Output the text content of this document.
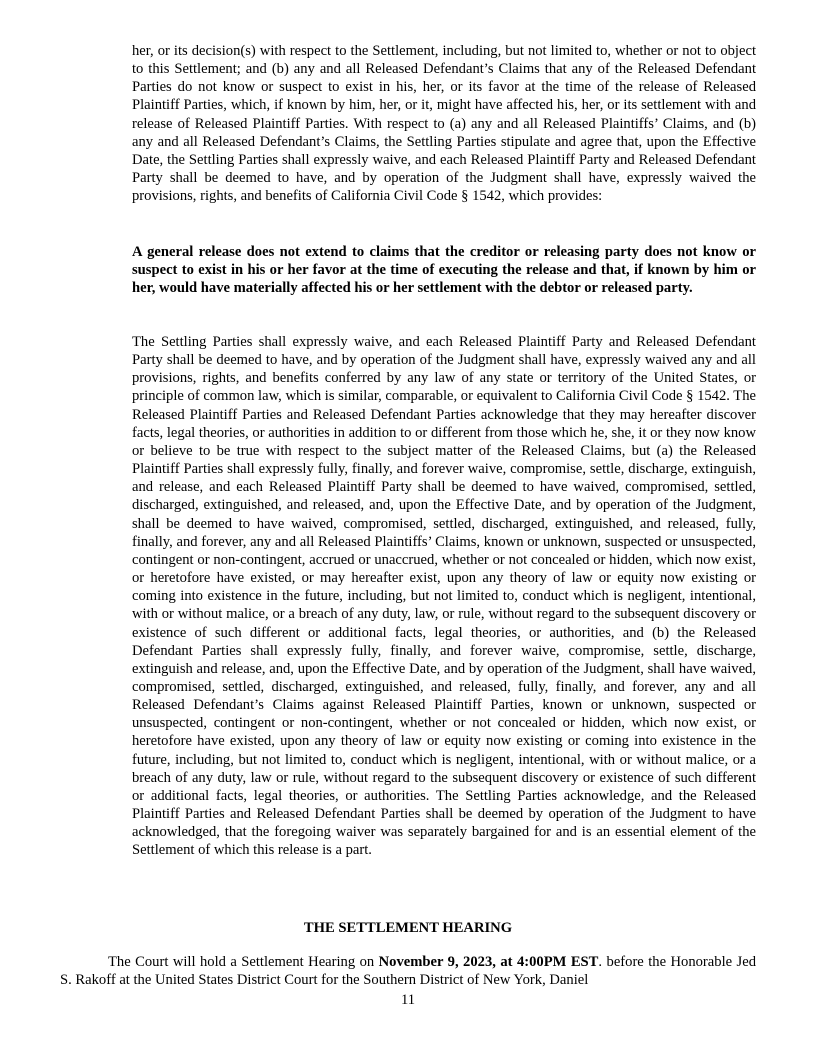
her, or its decision(s) with respect to the Settlement, including, but not limited to, whether or not to object to this Settlement; and (b) any and all Released Defendant’s Claims that any of the Released Defendant Parties do not know or suspect to exist in his, her, or its favor at the time of the release of Released Plaintiff Parties, which, if known by him, her, or it, might have affected his, her, or its settlement with and release of Released Plaintiff Parties. With respect to (a) any and all Released Plaintiffs’ Claims, and (b) any and all Released Defendant’s Claims, the Settling Parties stipulate and agree that, upon the Effective Date, the Settling Parties shall expressly waive, and each Released Plaintiff Party and Released Defendant Party shall be deemed to have, and by operation of the Judgment shall have, expressly waived the provisions, rights, and benefits of California Civil Code § 1542, which provides:
A general release does not extend to claims that the creditor or releasing party does not know or suspect to exist in his or her favor at the time of executing the release and that, if known by him or her, would have materially affected his or her settlement with the debtor or released party.
The Settling Parties shall expressly waive, and each Released Plaintiff Party and Released Defendant Party shall be deemed to have, and by operation of the Judgment shall have, expressly waived any and all provisions, rights, and benefits conferred by any law of any state or territory of the United States, or principle of common law, which is similar, comparable, or equivalent to California Civil Code § 1542. The Released Plaintiff Parties and Released Defendant Parties acknowledge that they may hereafter discover facts, legal theories, or authorities in addition to or different from those which he, she, it or they now know or believe to be true with respect to the subject matter of the Released Claims, but (a) the Released Plaintiff Parties shall expressly fully, finally, and forever waive, compromise, settle, discharge, extinguish, and release, and each Released Plaintiff Party shall be deemed to have waived, compromised, settled, discharged, extinguished, and released, and, upon the Effective Date, and by operation of the Judgment, shall be deemed to have waived, compromised, settled, discharged, extinguished, and released, fully, finally, and forever, any and all Released Plaintiffs’ Claims, known or unknown, suspected or unsuspected, contingent or non-contingent, accrued or unaccrued, whether or not concealed or hidden, which now exist, or heretofore have existed, or may hereafter exist, upon any theory of law or equity now existing or coming into existence in the future, including, but not limited to, conduct which is negligent, intentional, with or without malice, or a breach of any duty, law, or rule, without regard to the subsequent discovery or existence of such different or additional facts, legal theories, or authorities, and (b) the Released Defendant Parties shall expressly fully, finally, and forever waive, compromise, settle, discharge, extinguish and release, and, upon the Effective Date, and by operation of the Judgment, shall have waived, compromised, settled, discharged, extinguished, and released, fully, finally, and forever, any and all Released Defendant’s Claims against Released Plaintiff Parties, known or unknown, suspected or unsuspected, contingent or non-contingent, whether or not concealed or hidden, which now exist, or heretofore have existed, upon any theory of law or equity now existing or coming into existence in the future, including, but not limited to, conduct which is negligent, intentional, with or without malice, or a breach of any duty, law or rule, without regard to the subsequent discovery or existence of such different or additional facts, legal theories, or authorities. The Settling Parties acknowledge, and the Released Plaintiff Parties and Released Defendant Parties shall be deemed by operation of the Judgment to have acknowledged, that the foregoing waiver was separately bargained for and is an essential element of the Settlement of which this release is a part.
THE SETTLEMENT HEARING
The Court will hold a Settlement Hearing on November 9, 2023, at 4:00PM EST. before the Honorable Jed S. Rakoff at the United States District Court for the Southern District of New York, Daniel
11
